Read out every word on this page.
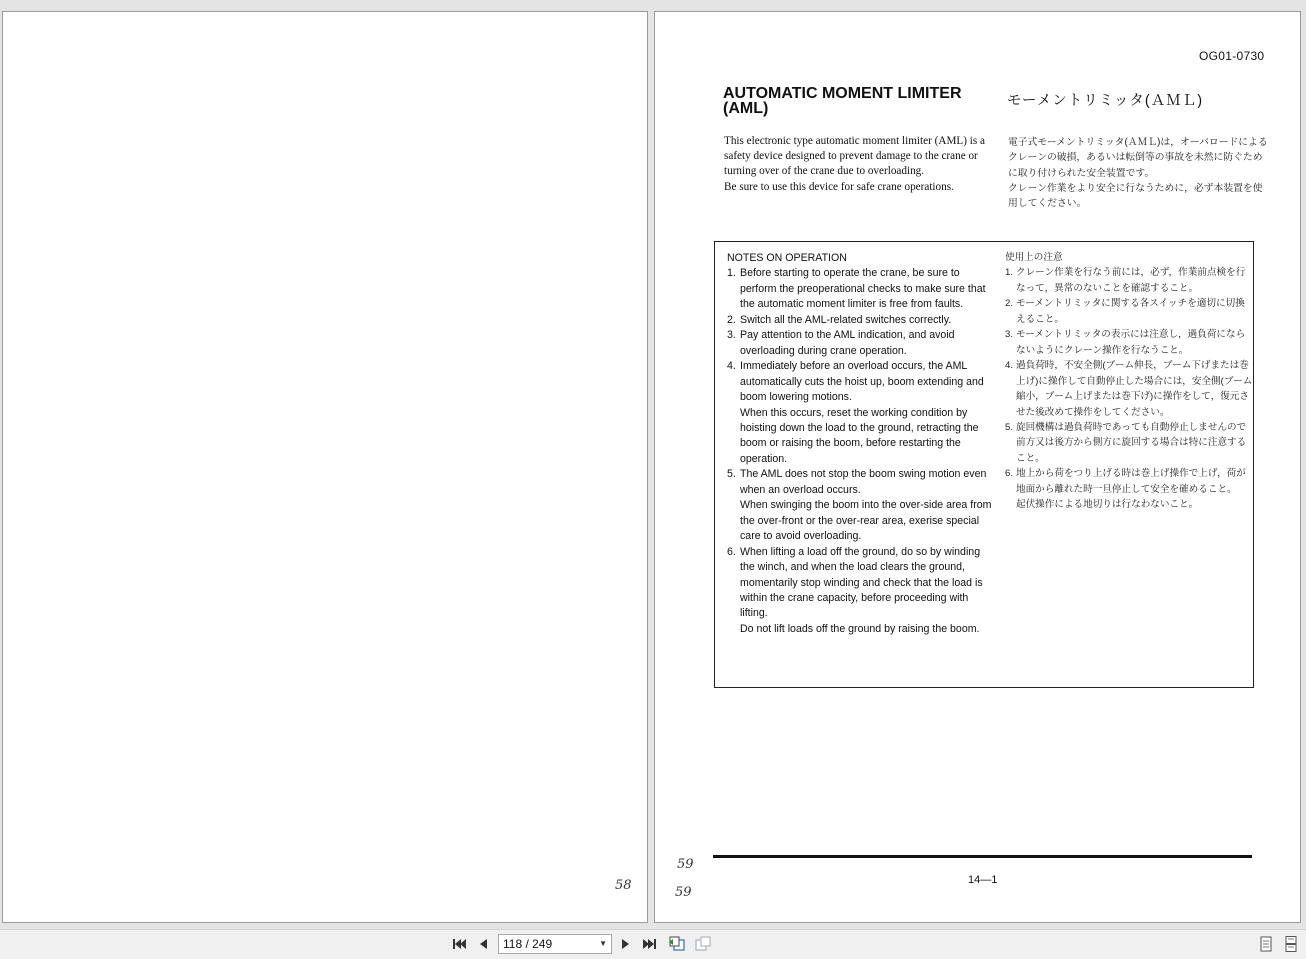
58
OG01-0730
AUTOMATIC MOMENT LIMITER
(AML)	モーメントリミッタ(ＡＭＬ)

This electronic type automatic moment limiter (AML) is a safety device designed to prevent damage to the crane or turning over of the crane due to overloading.

Be sure to use this device for safe crane operations.

電子式モーメントリミッタ(ＡＭＬ)は，オーバロードによるクレーンの破損，あるいは転倒等の事故を未然に防ぐために取り付けられた安全装置です。

クレーン作業をより安全に行なうために，必ず本装置を使用してください。

NOTES ON OPERATION

1. Before starting to operate the crane, be sure to perform the preoperational checks to make sure that the automatic moment limiter is free from faults.

2. Switch all the AML-related switches correctly.

3. Pay attention to the AML indication, and avoid overloading during crane operation.

4. Immediately before an overload occurs, the AML automatically cuts the hoist up, boom extending and boom lowering motions.

When this occurs, reset the working condition by hoisting down the load to the ground, retracting the boom or raising the boom, before restarting the operation.

5. The AML does not stop the boom swing motion even when an overload occurs.

When swinging the boom into the over-side area from the over-front or the over-rear area, exerise special care to avoid overloading.

6. When lifting a load off the ground, do so by winding the winch, and when the load clears the ground, momentarily stop winding and check that the load is within the crane capacity, before proceeding with lifting.

Do not lift loads off the ground by raising the boom.

使用上の注意

1. クレーン作業を行なう前には，必ず，作業前点検を行なって，異常のないことを確認すること。

2. モーメントリミッタに関する各スイッチを適切に切換えること。

3. モーメントリミッタの表示には注意し，過負荷にならないようにクレーン操作を行なうこと。

4. 過負荷時，不安全側(ブーム伸長，ブーム下げまたは巻上げ)に操作して自動停止した場合には，安全側(ブーム縮小，ブーム上げまたは巻下げ)に操作をして，復元させた後改めて操作をしてください。

5. 旋回機構は過負荷時であっても自動停止しませんので前方又は後方から側方に旋回する場合は特に注意すること。

6. 地上から荷をつり上げる時は巻上げ操作で上げ，荷が地面から離れた時一旦停止して安全を確めること。

起伏操作による地切りは行なわないこと。

59
59
14—1
118 / 249	▼
